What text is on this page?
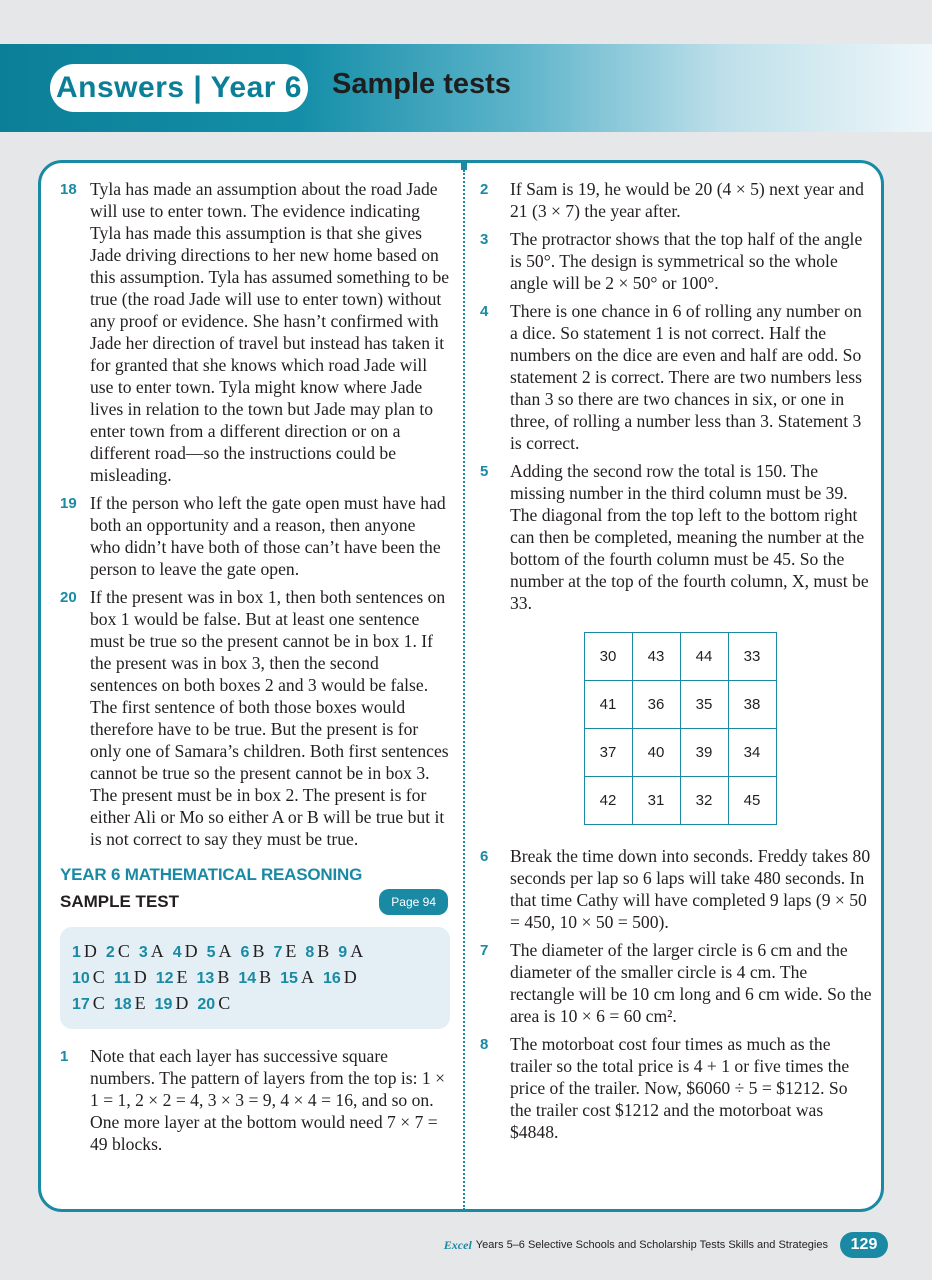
Answers | Year 6 Sample tests
18 Tyla has made an assumption about the road Jade will use to enter town. The evidence indicating Tyla has made this assumption is that she gives Jade driving directions to her new home based on this assumption. Tyla has assumed something to be true (the road Jade will use to enter town) without any proof or evidence. She hasn’t confirmed with Jade her direction of travel but instead has taken it for granted that she knows which road Jade will use to enter town. Tyla might know where Jade lives in relation to the town but Jade may plan to enter town from a different direction or on a different road—so the instructions could be misleading.
19 If the person who left the gate open must have had both an opportunity and a reason, then anyone who didn’t have both of those can’t have been the person to leave the gate open.
20 If the present was in box 1, then both sentences on box 1 would be false. But at least one sentence must be true so the present cannot be in box 1. If the present was in box 3, then the second sentences on both boxes 2 and 3 would be false. The first sentence of both those boxes would therefore have to be true. But the present is for only one of Samara’s children. Both first sentences cannot be true so the present cannot be in box 3. The present must be in box 2. The present is for either Ali or Mo so either A or B will be true but it is not correct to say they must be true.
YEAR 6 MATHEMATICAL REASONING
SAMPLE TEST	Page 94
1 D 2 C 3 A 4 D 5 A 6 B 7 E 8 B 9 A
10 C 11 D 12 E 13 B 14 B 15 A 16 D
17 C 18 E 19 D 20 C
1	Note that each layer has successive square numbers. The pattern of layers from the top is: 1 × 1 = 1, 2 × 2 = 4, 3 × 3 = 9, 4 × 4 = 16, and so on. One more layer at the bottom would need 7 × 7 = 49 blocks.
2	If Sam is 19, he would be 20 (4 × 5) next year and 21 (3 × 7) the year after.
3	The protractor shows that the top half of the angle is 50°. The design is symmetrical so the whole angle will be 2 × 50° or 100°.
4	There is one chance in 6 of rolling any number on a dice. So statement 1 is not correct. Half the numbers on the dice are even and half are odd. So statement 2 is correct. There are two numbers less than 3 so there are two chances in six, or one in three, of rolling a number less than 3. Statement 3 is correct.
5	Adding the second row the total is 150. The missing number in the third column must be 39. The diagonal from the top left to the bottom right can then be completed, meaning the number at the bottom of the fourth column must be 45. So the number at the top of the fourth column, X, must be 33.
30	43	44	33
41	36	35	38
37	40	39	34
42	31	32	45
6	Break the time down into seconds. Freddy takes 80 seconds per lap so 6 laps will take 480 seconds. In that time Cathy will have completed 9 laps (9 × 50 = 450, 10 × 50 = 500).
7	The diameter of the larger circle is 6 cm and the diameter of the smaller circle is 4 cm. The rectangle will be 10 cm long and 6 cm wide. So the area is 10 × 6 = 60 cm².
8	The motorboat cost four times as much as the trailer so the total price is 4 + 1 or five times the price of the trailer. Now, $6060 ÷ 5 = $1212. So the trailer cost $1212 and the motorboat was $4848.
Excel Years 5–6 Selective Schools and Scholarship Tests Skills and Strategies	129
